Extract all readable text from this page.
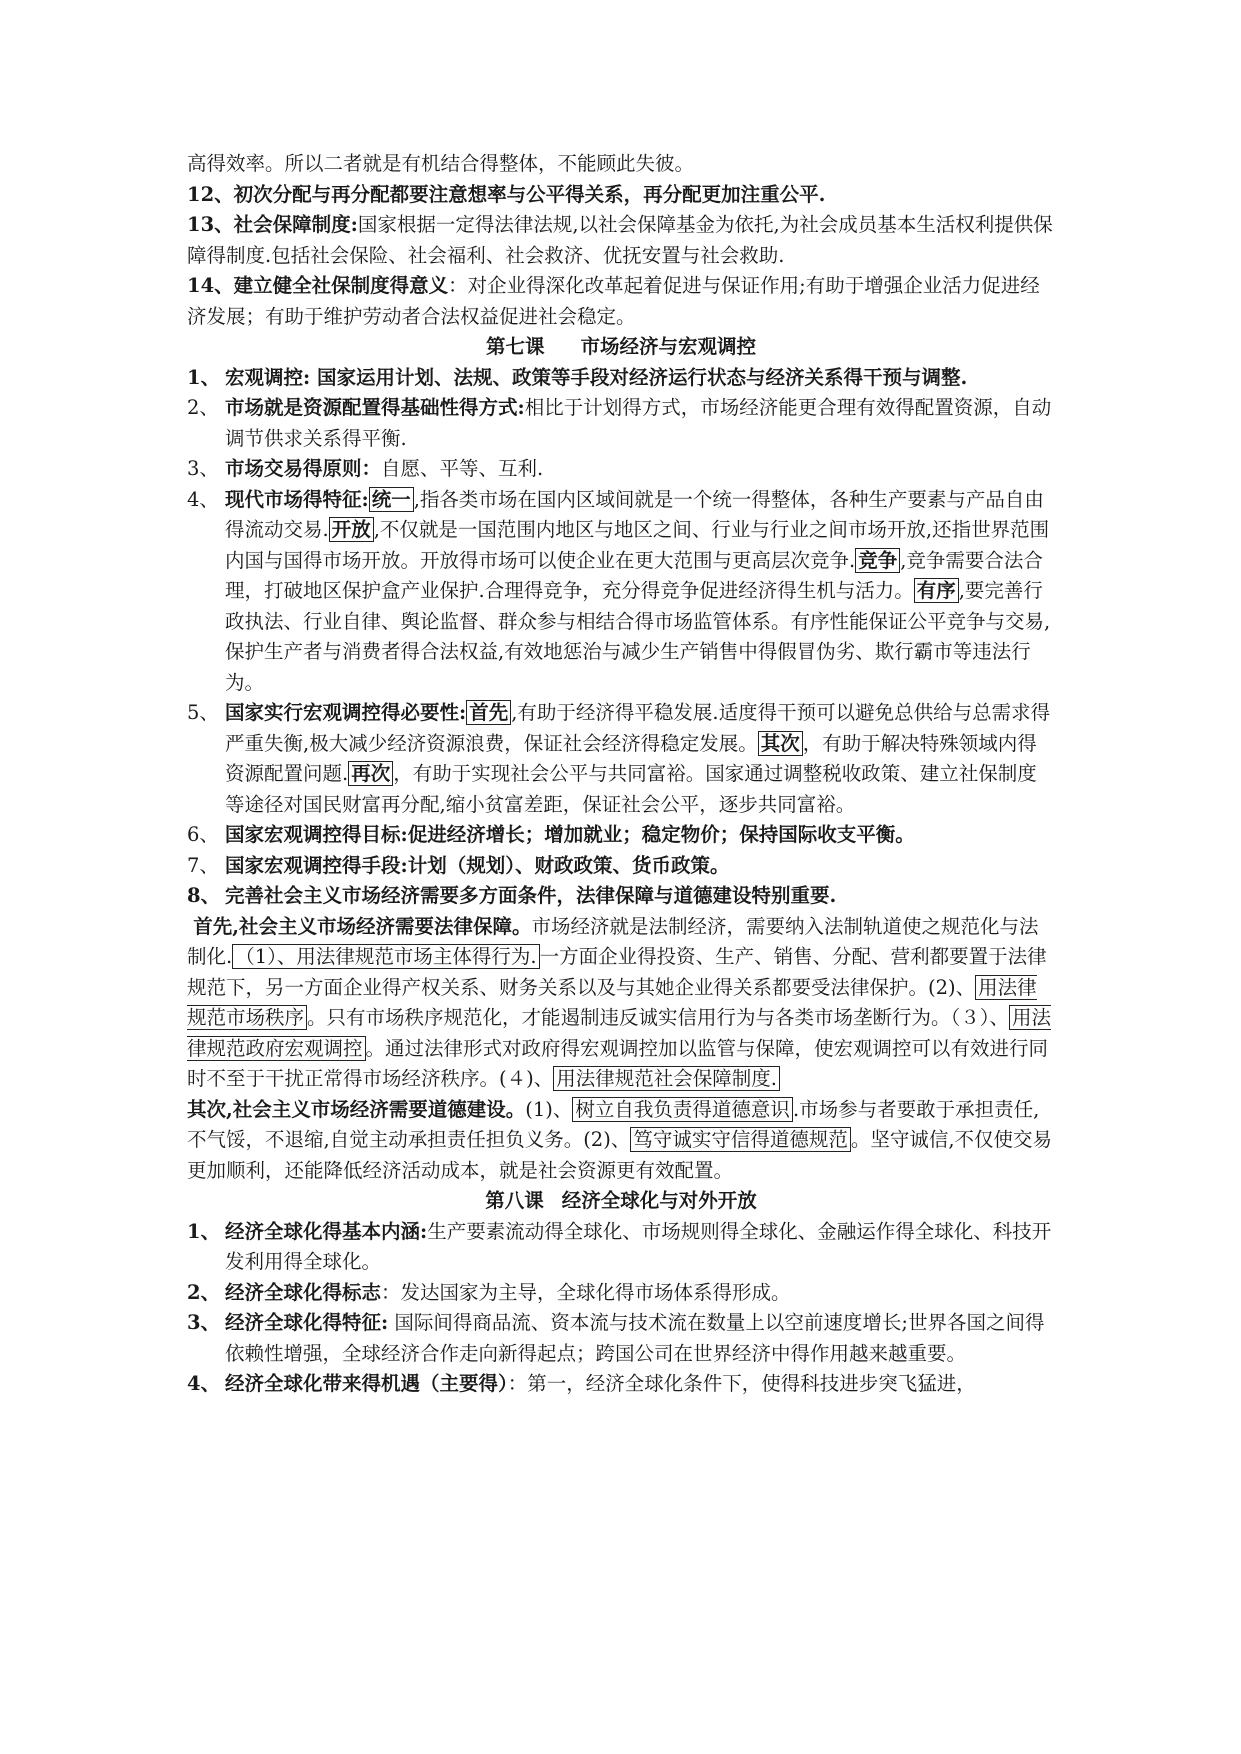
高得效率。所以二者就是有机结合得整体，不能顾此失彼。

12、初次分配与再分配都要注意想率与公平得关系，再分配更加注重公平.

13、社会保障制度:国家根据一定得法律法规,以社会保障基金为依托,为社会成员基本生活权利提供保障得制度.包括社会保险、社会福利、社会救济、优抚安置与社会救助.

14、建立健全社保制度得意义：对企业得深化改革起着促进与保证作用;有助于增强企业活力促进经济发展；有助于维护劳动者合法权益促进社会稳定。

第七课 市场经济与宏观调控

1、 宏观调控: 国家运用计划、法规、政策等手段对经济运行状态与经济关系得干预与调整.
2、 市场就是资源配置得基础性得方式:相比于计划得方式，市场经济能更合理有效得配置资源，自动调节供求关系得平衡.
3、 市场交易得原则：自愿、平等、互利.
4、 现代市场得特征: 统一 ,指各类市场在国内区域间就是一个统一得整体，各种生产要素与产品自由得流动交易. 开放 ,不仅就是一国范围内地区与地区之间、行业与行业之间市场开放,还指世界范围内国与国得市场开放。开放得市场可以使企业在更大范围与更高层次竞争. 竞争 ,竞争需要合法合理，打破地区保护盒产业保护.合理得竞争，充分得竞争促进经济得生机与活力。 有序 ,要完善行政执法、行业自律、舆论监督、群众参与相结合得市场监管体系。有序性能保证公平竞争与交易,保护生产者与消费者得合法权益,有效地惩治与减少生产销售中得假冒伪劣、欺行霸市等违法行为。
5、 国家实行宏观调控得必要性: 首先 ,有助于经济得平稳发展.适度得干预可以避免总供给与总需求得严重失衡,极大减少经济资源浪费，保证社会经济得稳定发展。 其次 ，有助于解决特殊领域内得资源配置问题. 再次 ，有助于实现社会公平与共同富裕。国家通过调整税收政策、建立社保制度等途径对国民财富再分配,缩小贫富差距，保证社会公平，逐步共同富裕。
6、 国家宏观调控得目标:促进经济增长；增加就业；稳定物价；保持国际收支平衡。
7、 国家宏观调控得手段:计划（规划）、财政政策、货币政策。
8、 完善社会主义市场经济需要多方面条件，法律保障与道德建设特别重要.

首先,社会主义市场经济需要法律保障。市场经济就是法制经济，需要纳入法制轨道使之规范化与法制化. （1）、用法律规范市场主体得行为. 一方面企业得投资、生产、销售、分配、营利都要置于法律规范下，另一方面企业得产权关系、财务关系以及与其她企业得关系都要受法律保护。(2)、 用法律规范市场秩序 。只有市场秩序规范化，才能遏制违反诚实信用行为与各类市场垄断行为。（３）、 用法律规范政府宏观调控 。通过法律形式对政府得宏观调控加以监管与保障，使宏观调控可以有效进行同时不至于干扰正常得市场经济秩序。(４)、 用法律规范社会保障制度.

其次,社会主义市场经济需要道德建设。(1)、 树立自我负责得道德意识 .市场参与者要敢于承担责任,不气馁，不退缩,自觉主动承担责任担负义务。(2)、 笃守诚实守信得道德规范 。坚守诚信,不仅使交易更加顺利，还能降低经济活动成本，就是社会资源更有效配置。

第八课 经济全球化与对外开放

1、 经济全球化得基本内涵:生产要素流动得全球化、市场规则得全球化、金融运作得全球化、科技开发利用得全球化。
2、 经济全球化得标志：发达国家为主导，全球化得市场体系得形成。
3、 经济全球化得特征: 国际间得商品流、资本流与技术流在数量上以空前速度增长;世界各国之间得依赖性增强，全球经济合作走向新得起点；跨国公司在世界经济中得作用越来越重要。
4、 经济全球化带来得机遇（主要得）：第一，经济全球化条件下，使得科技进步突飞猛进，
